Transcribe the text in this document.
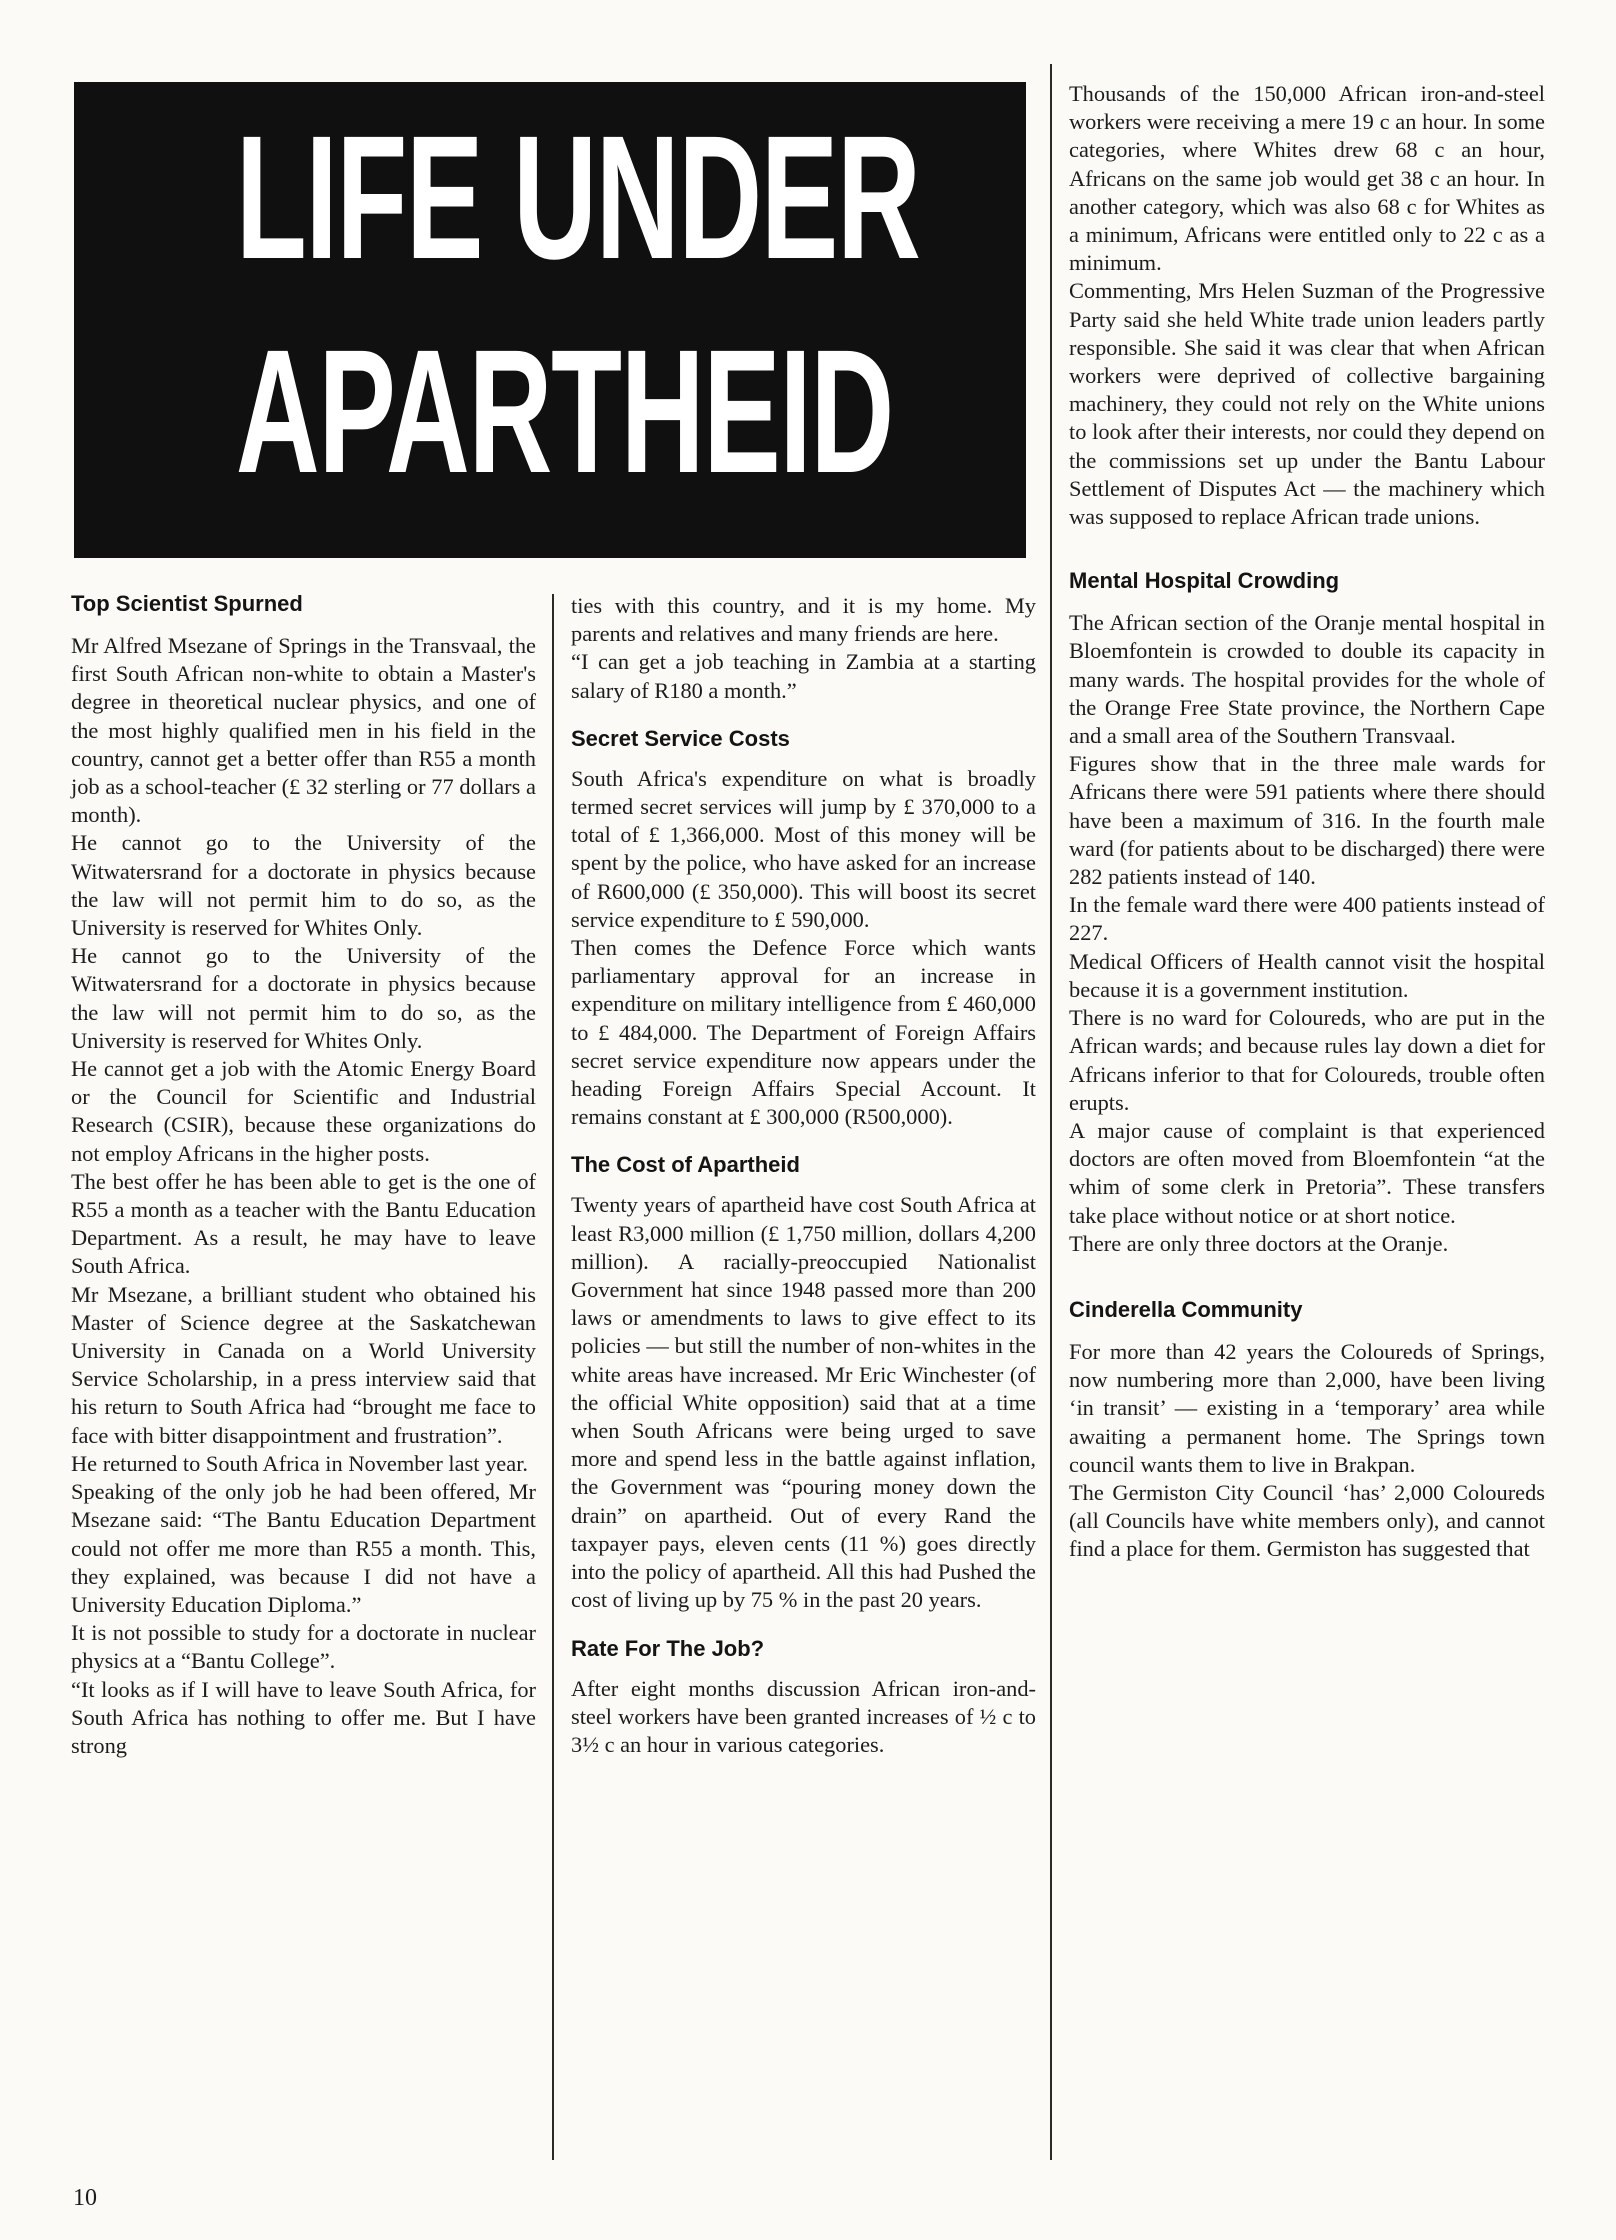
LIFE UNDER
APARTHEID
Top Scientist Spurned

Mr Alfred Msezane of Springs in the Transvaal, the first South African non-white to obtain a Master's degree in theoretical nuclear physics, and one of the most highly qualified men in his field in the country, cannot get a better offer than R55 a month job as a school-teacher (£ 32 sterling or 77 dollars a month).

He cannot go to the University of the Witwatersrand for a doctorate in physics because the law will not permit him to do so, as the University is reserved for Whites Only.

He cannot go to the University of the Witwatersrand for a doctorate in physics because the law will not permit him to do so, as the University is reserved for Whites Only.

He cannot get a job with the Atomic Energy Board or the Council for Scientific and Industrial Research (CSIR), because these organizations do not employ Africans in the higher posts.

The best offer he has been able to get is the one of R55 a month as a teacher with the Bantu Education Department. As a result, he may have to leave South Africa.

Mr Msezane, a brilliant student who obtained his Master of Science degree at the Saskatchewan University in Canada on a World University Service Scholarship, in a press interview said that his return to South Africa had “brought me face to face with bitter disappointment and frustration”.

He returned to South Africa in November last year.

Speaking of the only job he had been offered, Mr Msezane said: “The Bantu Education Department could not offer me more than R55 a month. This, they explained, was because I did not have a University Education Diploma.”

It is not possible to study for a doctorate in nuclear physics at a “Bantu College”.

“It looks as if I will have to leave South Africa, for South Africa has nothing to offer me. But I have strong

ties with this country, and it is my home. My parents and relatives and many friends are here.

“I can get a job teaching in Zambia at a starting salary of R180 a month.”

Secret Service Costs

South Africa's expenditure on what is broadly termed secret services will jump by £ 370,000 to a total of £ 1,366,000. Most of this money will be spent by the police, who have asked for an increase of R600,000 (£ 350,000). This will boost its secret service expenditure to £ 590,000.

Then comes the Defence Force which wants parliamentary approval for an increase in expenditure on military intelligence from £ 460,000 to £ 484,000. The Department of Foreign Affairs secret service expenditure now appears under the heading Foreign Affairs Special Account. It remains constant at £ 300,000 (R500,000).

The Cost of Apartheid

Twenty years of apartheid have cost South Africa at least R3,000 million (£ 1,750 million, dollars 4,200 million). A racially-preoccupied Nationalist Government hat since 1948 passed more than 200 laws or amendments to laws to give effect to its policies — but still the number of non-whites in the white areas have increased. Mr Eric Winchester (of the official White opposition) said that at a time when South Africans were being urged to save more and spend less in the battle against inflation, the Government was “pouring money down the drain” on apartheid. Out of every Rand the taxpayer pays, eleven cents (11 %) goes directly into the policy of apartheid. All this had Pushed the cost of living up by 75 % in the past 20 years.

Rate For The Job?

After eight months discussion African iron-and-steel workers have been granted increases of ½ c to 3½ c an hour in various categories.

Thousands of the 150,000 African iron-and-steel workers were receiving a mere 19 c an hour. In some categories, where Whites drew 68 c an hour, Africans on the same job would get 38 c an hour. In another category, which was also 68 c for Whites as a minimum, Africans were entitled only to 22 c as a minimum.

Commenting, Mrs Helen Suzman of the Progressive Party said she held White trade union leaders partly responsible. She said it was clear that when African workers were deprived of collective bargaining machinery, they could not rely on the White unions to look after their interests, nor could they depend on the commissions set up under the Bantu Labour Settlement of Disputes Act — the machinery which was supposed to replace African trade unions.

Mental Hospital Crowding

The African section of the Oranje mental hospital in Bloemfontein is crowded to double its capacity in many wards. The hospital provides for the whole of the Orange Free State province, the Northern Cape and a small area of the Southern Transvaal.

Figures show that in the three male wards for Africans there were 591 patients where there should have been a maximum of 316. In the fourth male ward (for patients about to be discharged) there were 282 patients instead of 140.

In the female ward there were 400 patients instead of 227.

Medical Officers of Health cannot visit the hospital because it is a government institution.

There is no ward for Coloureds, who are put in the African wards; and because rules lay down a diet for Africans inferior to that for Coloureds, trouble often erupts.

A major cause of complaint is that experienced doctors are often moved from Bloemfontein “at the whim of some clerk in Pretoria”. These transfers take place without notice or at short notice.

There are only three doctors at the Oranje.

Cinderella Community

For more than 42 years the Coloureds of Springs, now numbering more than 2,000, have been living ‘in transit’ — existing in a ‘temporary’ area while awaiting a permanent home. The Springs town council wants them to live in Brakpan.

The Germiston City Council ‘has’ 2,000 Coloureds (all Councils have white members only), and cannot find a place for them. Germiston has suggested that

10
